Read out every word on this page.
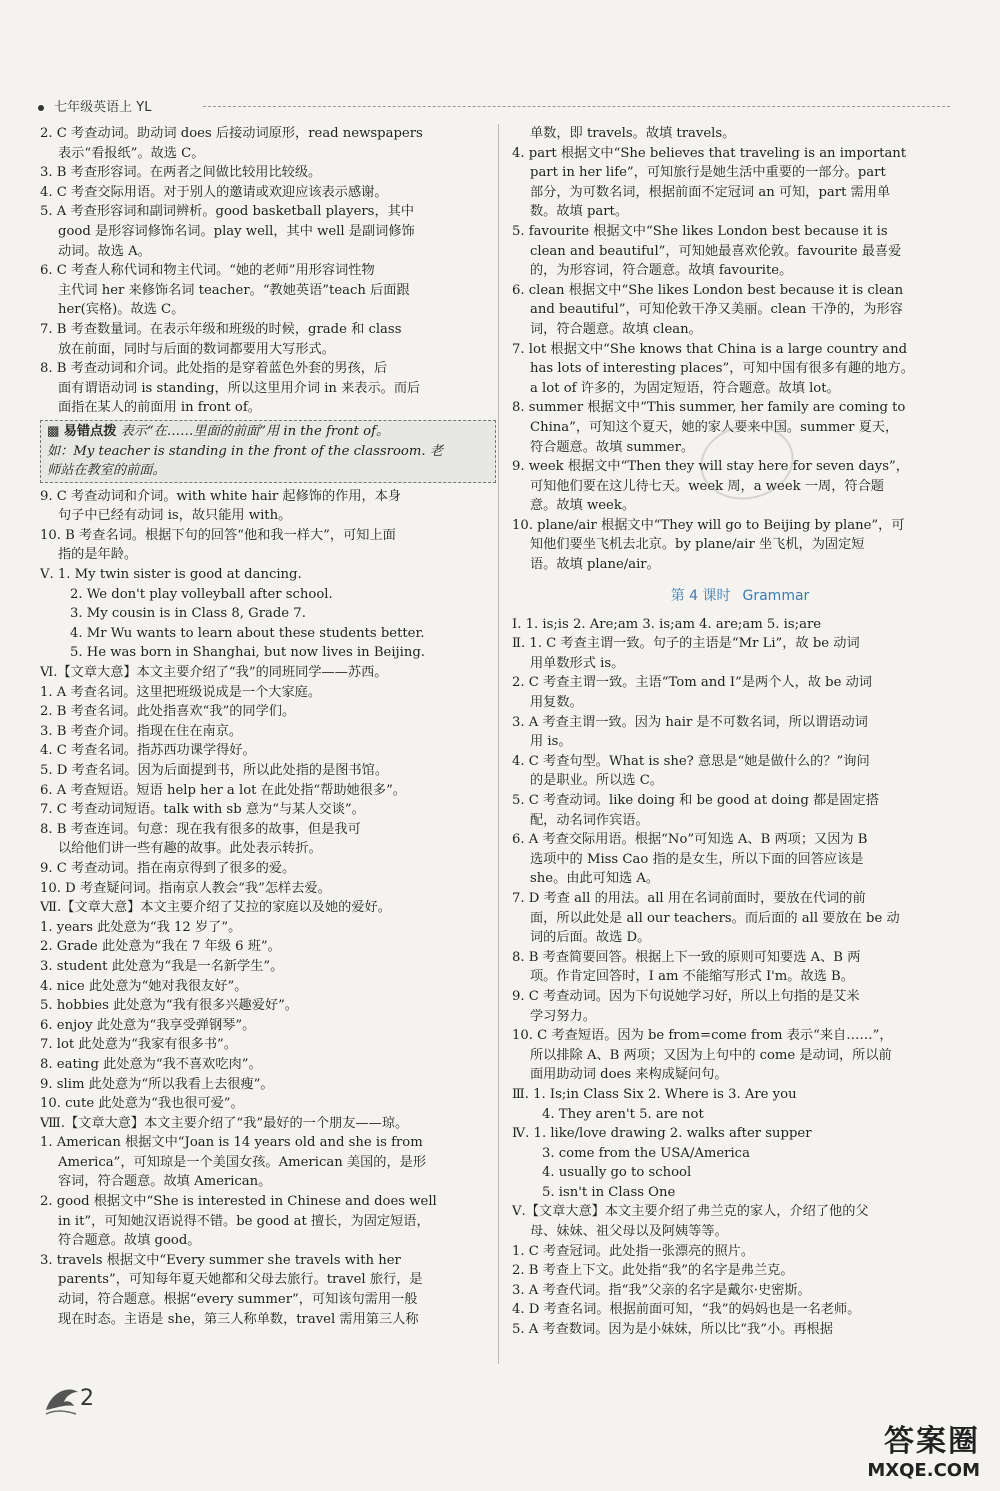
七年级英语上 YL
2. C 考查动词。助动词 does 后接动词原形，read newspapers
表示“看报纸”。故选 C。
3. B 考查形容词。在两者之间做比较用比较级。
4. C 考查交际用语。对于别人的邀请或欢迎应该表示感谢。
5. A 考查形容词和副词辨析。good basketball players，其中
good 是形容词修饰名词。play well，其中 well 是副词修饰
动词。故选 A。
6. C 考查人称代词和物主代词。“她的老师”用形容词性物
主代词 her 来修饰名词 teacher。“教她英语”teach 后面跟
her(宾格)。故选 C。
7. B 考查数量词。在表示年级和班级的时候，grade 和 class
放在前面，同时与后面的数词都要用大写形式。
8. B 考查动词和介词。此处指的是穿着蓝色外套的男孩，后
面有谓语动词 is standing，所以这里用介词 in 来表示。而后
面指在某人的前面用 in front of。
▩ 易错点拨 表示“在……里面的前面”用 in the front of。
如：My teacher is standing in the front of the classroom. 老
师站在教室的前面。
9. C 考查动词和介词。with white hair 起修饰的作用，本身
句子中已经有动词 is，故只能用 with。
10. B 考查名词。根据下句的回答“他和我一样大”，可知上面
指的是年龄。
Ⅴ. 1. My twin sister is good at dancing.
2. We don't play volleyball after school.
3. My cousin is in Class 8, Grade 7.
4. Mr Wu wants to learn about these students better.
5. He was born in Shanghai, but now lives in Beijing.
Ⅵ.【文章大意】本文主要介绍了“我”的同班同学——苏西。
1. A 考查名词。这里把班级说成是一个大家庭。
2. B 考查名词。此处指喜欢“我”的同学们。
3. B 考查介词。指现在住在南京。
4. C 考查名词。指苏西功课学得好。
5. D 考查名词。因为后面提到书，所以此处指的是图书馆。
6. A 考查短语。短语 help her a lot 在此处指“帮助她很多”。
7. C 考查动词短语。talk with sb 意为“与某人交谈”。
8. B 考查连词。句意：现在我有很多的故事，但是我可
以给他们讲一些有趣的故事。此处表示转折。
9. C 考查动词。指在南京得到了很多的爱。
10. D 考查疑问词。指南京人教会“我”怎样去爱。
Ⅶ.【文章大意】本文主要介绍了艾拉的家庭以及她的爱好。
1. years 此处意为“我 12 岁了”。
2. Grade 此处意为“我在 7 年级 6 班”。
3. student 此处意为“我是一名新学生”。
4. nice 此处意为“她对我很友好”。
5. hobbies 此处意为“我有很多兴趣爱好”。
6. enjoy 此处意为“我享受弹钢琴”。
7. lot 此处意为“我家有很多书”。
8. eating 此处意为“我不喜欢吃肉”。
9. slim 此处意为“所以我看上去很瘦”。
10. cute 此处意为“我也很可爱”。
Ⅷ.【文章大意】本文主要介绍了“我”最好的一个朋友——琼。
1. American 根据文中“Joan is 14 years old and she is from
America”，可知琼是一个美国女孩。American 美国的，是形
容词，符合题意。故填 American。
2. good 根据文中“She is interested in Chinese and does well
in it”，可知她汉语说得不错。be good at 擅长，为固定短语，
符合题意。故填 good。
3. travels 根据文中“Every summer she travels with her
parents”，可知每年夏天她都和父母去旅行。travel 旅行，是
动词，符合题意。根据“every summer”，可知该句需用一般
现在时态。主语是 she，第三人称单数，travel 需用第三人称
单数，即 travels。故填 travels。
4. part 根据文中“She believes that traveling is an important
part in her life”，可知旅行是她生活中重要的一部分。part
部分，为可数名词，根据前面不定冠词 an 可知，part 需用单
数。故填 part。
5. favourite 根据文中“She likes London best because it is
clean and beautiful”，可知她最喜欢伦敦。favourite 最喜爱
的，为形容词，符合题意。故填 favourite。
6. clean 根据文中“She likes London best because it is clean
and beautiful”，可知伦敦干净又美丽。clean 干净的，为形容
词，符合题意。故填 clean。
7. lot 根据文中“She knows that China is a large country and
has lots of interesting places”，可知中国有很多有趣的地方。
a lot of 许多的，为固定短语，符合题意。故填 lot。
8. summer 根据文中“This summer, her family are coming to
China”，可知这个夏天，她的家人要来中国。summer 夏天，
符合题意。故填 summer。
9. week 根据文中“Then they will stay here for seven days”，
可知他们要在这儿待七天。week 周，a week 一周，符合题
意。故填 week。
10. plane/air 根据文中“They will go to Beijing by plane”，可
知他们要坐飞机去北京。by plane/air 坐飞机，为固定短
语。故填 plane/air。
第 4 课时 Grammar
Ⅰ. 1. is;is 2. Are;am 3. is;am 4. are;am 5. is;are
Ⅱ. 1. C 考查主谓一致。句子的主语是“Mr Li”，故 be 动词
用单数形式 is。
2. C 考查主谓一致。主语“Tom and I”是两个人，故 be 动词
用复数。
3. A 考查主谓一致。因为 hair 是不可数名词，所以谓语动词
用 is。
4. C 考查句型。What is she? 意思是“她是做什么的？”询问
的是职业。所以选 C。
5. C 考查动词。like doing 和 be good at doing 都是固定搭
配，动名词作宾语。
6. A 考查交际用语。根据“No”可知选 A、B 两项；又因为 B
选项中的 Miss Cao 指的是女生，所以下面的回答应该是
she。由此可知选 A。
7. D 考查 all 的用法。all 用在名词前面时，要放在代词的前
面，所以此处是 all our teachers。而后面的 all 要放在 be 动
词的后面。故选 D。
8. B 考查简要回答。根据上下一致的原则可知要选 A、B 两
项。作肯定回答时，I am 不能缩写形式 I'm。故选 B。
9. C 考查动词。因为下句说她学习好，所以上句指的是艾米
学习努力。
10. C 考查短语。因为 be from=come from 表示“来自……”，
所以排除 A、B 两项；又因为上句中的 come 是动词，所以前
面用助动词 does 来构成疑问句。
Ⅲ. 1. Is;in Class Six 2. Where is 3. Are you
4. They aren't 5. are not
Ⅳ. 1. like/love drawing 2. walks after supper
3. come from the USA/America
4. usually go to school
5. isn't in Class One
Ⅴ.【文章大意】本文主要介绍了弗兰克的家人，介绍了他的父
母、妹妹、祖父母以及阿姨等等。
1. C 考查冠词。此处指一张漂亮的照片。
2. B 考查上下文。此处指“我”的名字是弗兰克。
3. A 考查代词。指“我”父亲的名字是戴尔·史密斯。
4. D 考查名词。根据前面可知，“我”的妈妈也是一名老师。
5. A 考查数词。因为是小妹妹，所以比“我”小。再根据
2
答案圈
MXQE.COM
